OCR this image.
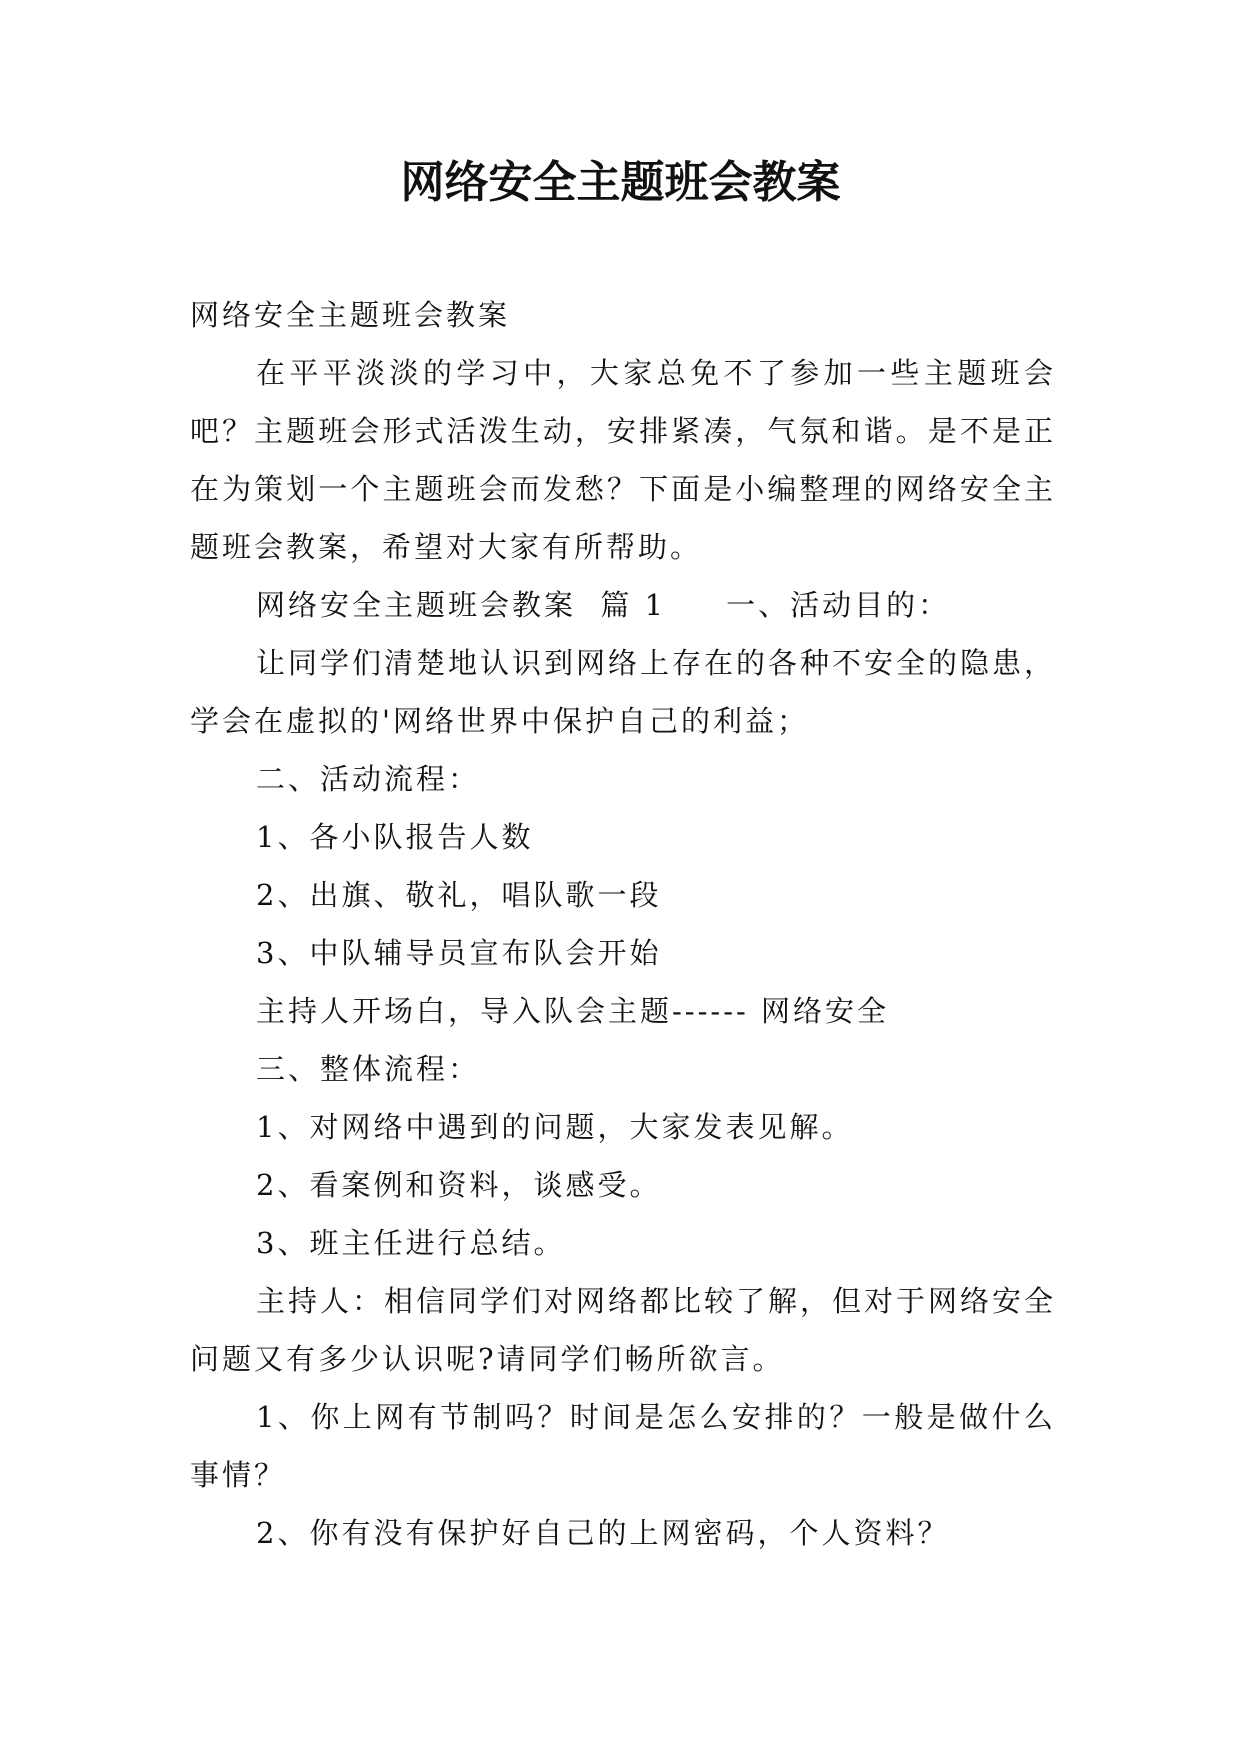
网络安全主题班会教案

网络安全主题班会教案

在平平淡淡的学习中，大家总免不了参加一些主题班会吧？主题班会形式活泼生动，安排紧凑，气氛和谐。是不是正在为策划一个主题班会而发愁？下面是小编整理的网络安全主题班会教案，希望对大家有所帮助。

网络安全主题班会教案  篇 1 一、活动目的：

让同学们清楚地认识到网络上存在的各种不安全的隐患，学会在虚拟的'网络世界中保护自己的利益；

二、活动流程：

1、各小队报告人数

2、出旗、敬礼，唱队歌一段

3、中队辅导员宣布队会开始

主持人开场白，导入队会主题------ 网络安全

三、整体流程：

1、对网络中遇到的问题，大家发表见解。

2、看案例和资料，谈感受。

3、班主任进行总结。

主持人：相信同学们对网络都比较了解，但对于网络安全问题又有多少认识呢?请同学们畅所欲言。

1、你上网有节制吗？时间是怎么安排的？一般是做什么事情？

2、你有没有保护好自己的上网密码，个人资料？
